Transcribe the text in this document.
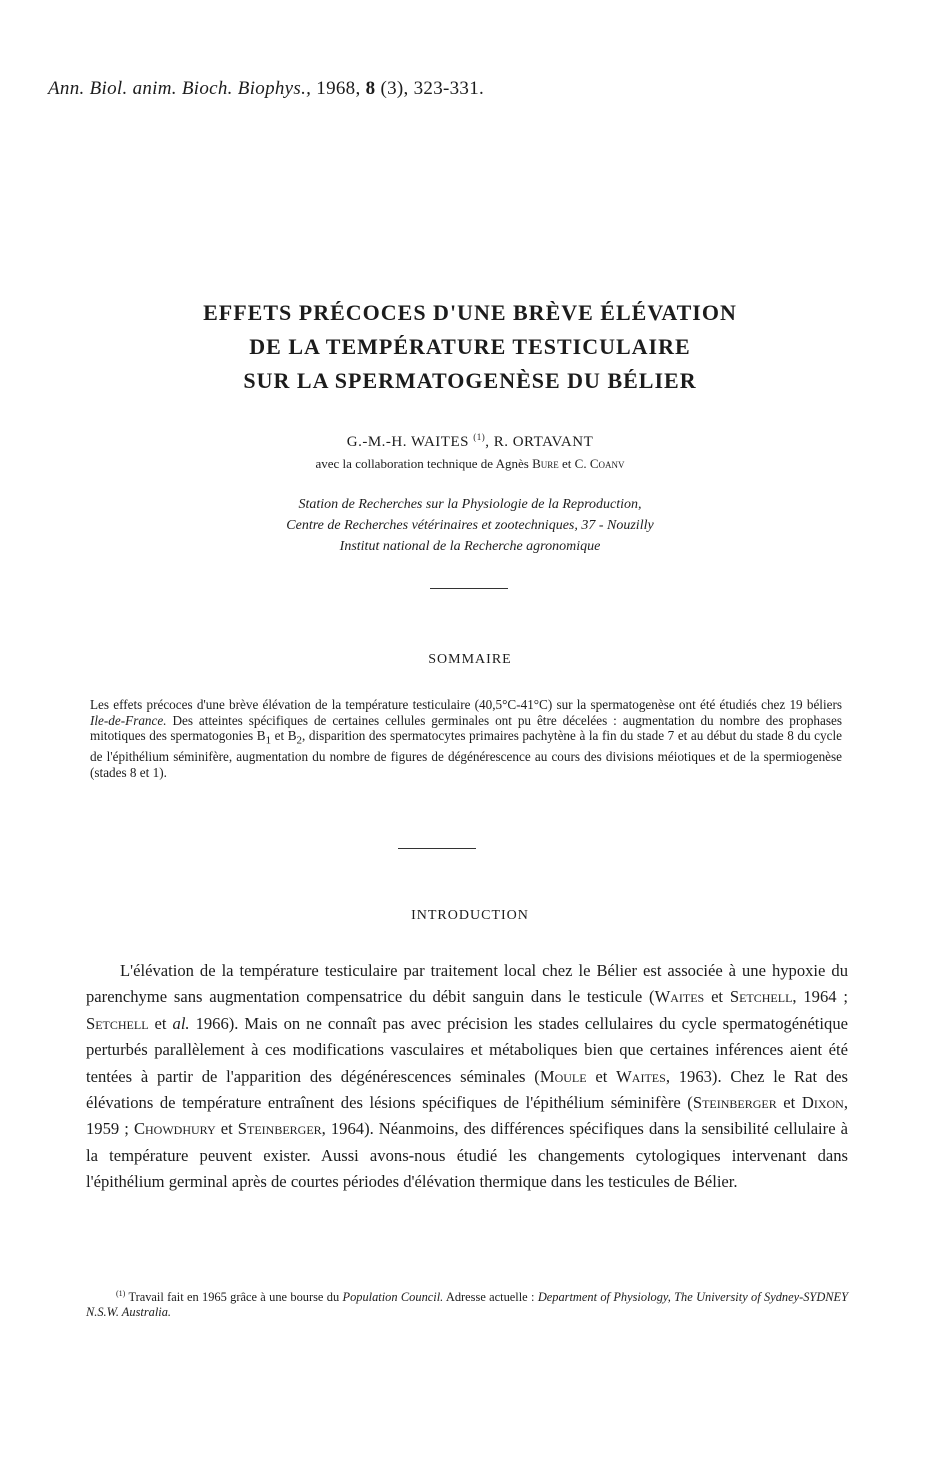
Ann. Biol. anim. Bioch. Biophys., 1968, 8 (3), 323-331.
EFFETS PRÉCOCES D'UNE BRÈVE ÉLÉVATION
DE LA TEMPÉRATURE TESTICULAIRE
SUR LA SPERMATOGENÈSE DU BÉLIER
G.-M.-H. WAITES $^{(1)}$, R. ORTAVANT
avec la collaboration technique de Agnès Bure et C. Coanv
Station de Recherches sur la Physiologie de la Reproduction,
Centre de Recherches vétérinaires et zootechniques, 37 - Nouzilly
Institut national de la Recherche agronomique
SOMMAIRE

Les effets précoces d'une brève élévation de la température testiculaire (40,5°C-41°C) sur la spermatogenèse ont été étudiés chez 19 béliers Ile-de-France. Des atteintes spécifiques de certaines cellules germinales ont pu être décelées : augmentation du nombre des prophases mitotiques des spermatogonies $B_1$ et $B_2$, disparition des spermatocytes primaires pachytène à la fin du stade 7 et au début du stade 8 du cycle de l'épithélium séminifère, augmentation du nombre de figures de dégénérescence au cours des divisions méiotiques et de la spermiogenèse (stades 8 et 1).

INTRODUCTION

L'élévation de la température testiculaire par traitement local chez le Bélier est associée à une hypoxie du parenchyme sans augmentation compensatrice du débit sanguin dans le testicule (Waites et Setchell, 1964 ; Setchell et al. 1966). Mais on ne connaît pas avec précision les stades cellulaires du cycle spermatogénétique perturbés parallèlement à ces modifications vasculaires et métaboliques bien que certaines inférences aient été tentées à partir de l'apparition des dégénérescences séminales (Moule et Waites, 1963). Chez le Rat des élévations de température entraînent des lésions spécifiques de l'épithélium séminifère (Steinberger et Dixon, 1959 ; Chowdhury et Steinberger, 1964). Néanmoins, des différences spécifiques dans la sensibilité cellulaire à la température peuvent exister. Aussi avons-nous étudié les changements cytologiques intervenant dans l'épithélium germinal après de courtes périodes d'élévation thermique dans les testicules de Bélier.

$^{(1)}$ Travail fait en 1965 grâce à une bourse du Population Council. Adresse actuelle : Department of Physiology, The University of Sydney-SYDNEY N.S.W. Australia.
